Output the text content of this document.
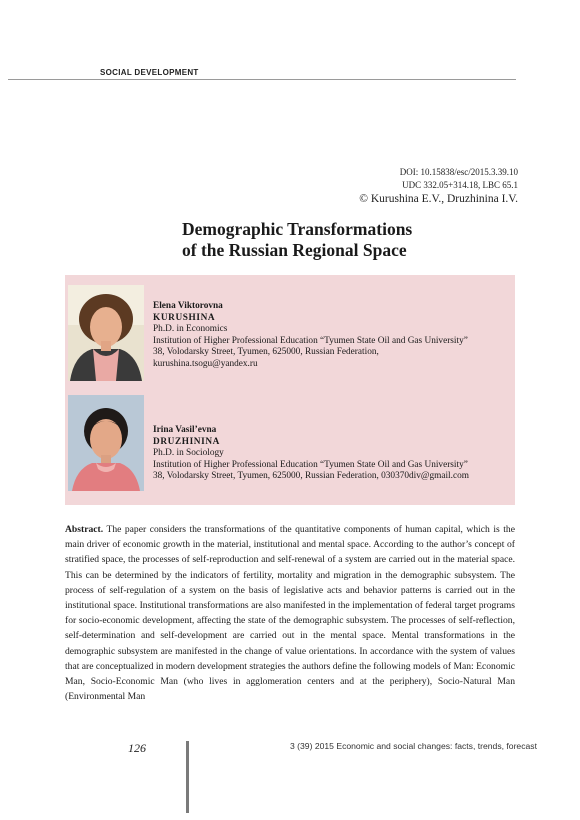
SOCIAL DEVELOPMENT
DOI: 10.15838/esc/2015.3.39.10
UDC 332.05+314.18, LBC 65.1
© Kurushina E.V., Druzhinina I.V.
Demographic Transformations
of the Russian Regional Space
Elena Viktorovna
KURUSHINA
Ph.D. in Economics
Institution of Higher Professional Education “Tyumen State Oil and Gas University”
38, Volodarsky Street, Tyumen, 625000, Russian Federation,
kurushina.tsogu@yandex.ru
Irina Vasil’evna
DRUZHININA
Ph.D. in Sociology
Institution of Higher Professional Education “Tyumen State Oil and Gas University”
38, Volodarsky Street, Tyumen, 625000, Russian Federation, 030370div@gmail.com

Abstract. The paper considers the transformations of the quantitative components of human capital, which is the main driver of economic growth in the material, institutional and mental space. According to the author’s concept of stratified space, the processes of self-reproduction and self-renewal of a system are carried out in the material space. This can be determined by the indicators of fertility, mortality and migration in the demographic subsystem. The process of self-regulation of a system on the basis of legislative acts and behavior patterns is carried out in the institutional space. Institutional transformations are also manifested in the implementation of federal target programs for socio-economic development, affecting the state of the demographic subsystem. The processes of self-reflection, self-determination and self-development are carried out in the mental space. Mental transformations in the demographic subsystem are manifested in the change of value orientations. In accordance with the system of values that are conceptualized in modern development strategies the authors define the following models of Man: Economic Man, Socio-Economic Man (who lives in agglomeration centers and at the periphery), Socio-Natural Man (Environmental Man

126	3 (39) 2015 Economic and social changes: facts, trends, forecast
